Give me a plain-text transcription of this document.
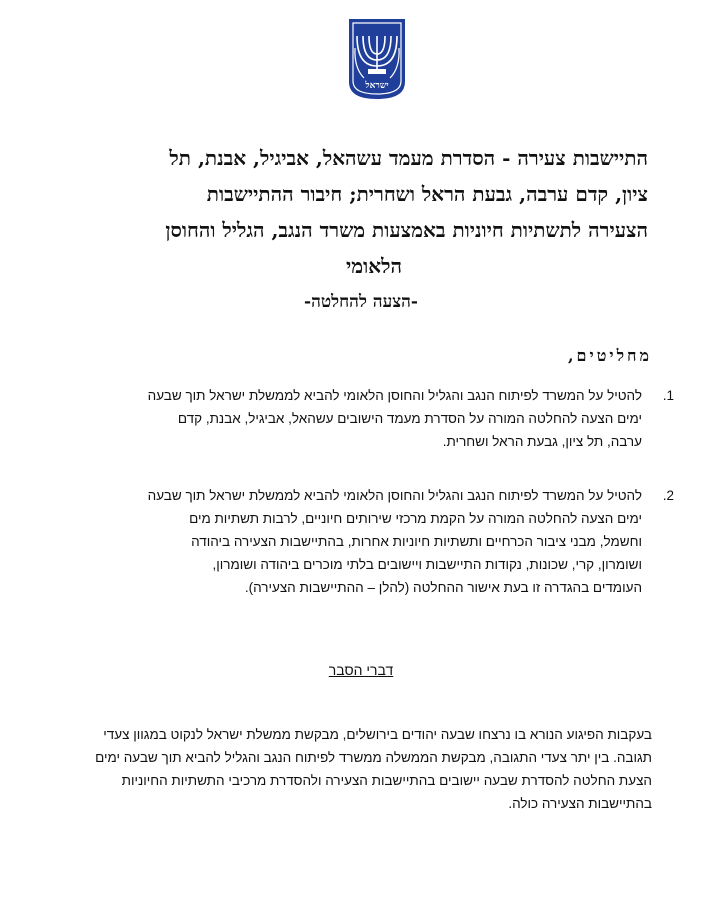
ישראל
התיישבות צעירה - הסדרת מעמד עשהאל, אביגיל, אבנת, תל
ציון, קדם ערבה, גבעת הראל ושחרית; חיבור ההתיישבות
הצעירה לתשתיות חיוניות באמצעות משרד הנגב, הגליל והחוסן
הלאומי
-הצעה להחלטה-
מחליטים,
1.
להטיל על המשרד לפיתוח הנגב והגליל והחוסן הלאומי להביא לממשלת ישראל תוך שבעה
ימים הצעה להחלטה המורה על הסדרת מעמד הישובים עשהאל, אביגיל, אבנת, קדם
ערבה, תל ציון, גבעת הראל ושחרית.
2.
להטיל על המשרד לפיתוח הנגב והגליל והחוסן הלאומי להביא לממשלת ישראל תוך שבעה
ימים הצעה להחלטה המורה על הקמת מרכזי שירותים חיוניים, לרבות תשתיות מים
וחשמל, מבני ציבור הכרחיים ותשתיות חיוניות אחרות, בהתיישבות הצעירה ביהודה
ושומרון, קרי, שכונות, נקודות התיישבות ויישובים בלתי מוכרים ביהודה ושומרון,
העומדים בהגדרה זו בעת אישור ההחלטה (להלן – ההתיישבות הצעירה).
דברי הסבר
בעקבות הפיגוע הנורא בו נרצחו שבעה יהודים בירושלים, מבקשת ממשלת ישראל לנקוט במגוון צעדי
תגובה. בין יתר צעדי התגובה, מבקשת הממשלה ממשרד לפיתוח הנגב והגליל להביא תוך שבעה ימים
הצעת החלטה להסדרת שבעה יישובים בהתיישבות הצעירה ולהסדרת מרכיבי התשתיות החיוניות
בהתיישבות הצעירה כולה.
